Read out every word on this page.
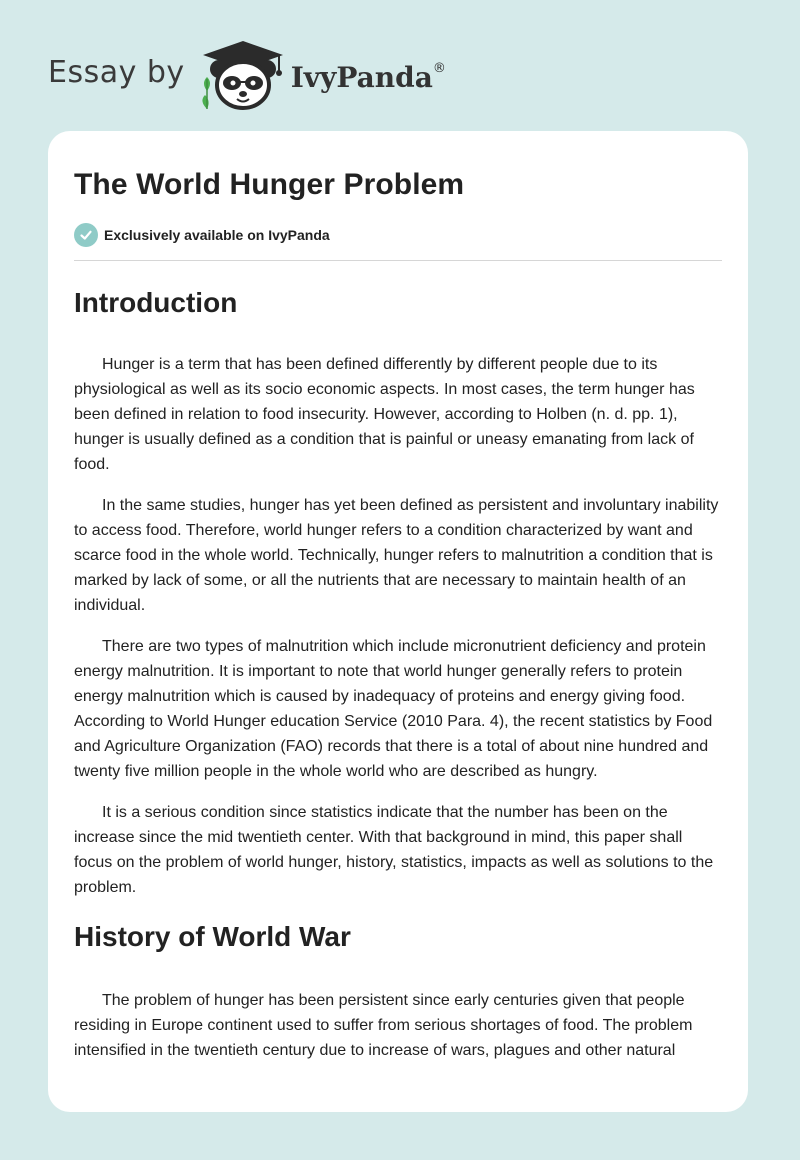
Essay by	IvyPanda®
The World Hunger Problem
Exclusively available on IvyPanda
Introduction

Hunger is a term that has been defined differently by different people due to its physiological as well as its socio economic aspects. In most cases, the term hunger has been defined in relation to food insecurity. However, according to Holben (n. d. pp. 1), hunger is usually defined as a condition that is painful or uneasy emanating from lack of food.

In the same studies, hunger has yet been defined as persistent and involuntary inability to access food. Therefore, world hunger refers to a condition characterized by want and scarce food in the whole world. Technically, hunger refers to malnutrition a condition that is marked by lack of some, or all the nutrients that are necessary to maintain health of an individual.

There are two types of malnutrition which include micronutrient deficiency and protein energy malnutrition. It is important to note that world hunger generally refers to protein energy malnutrition which is caused by inadequacy of proteins and energy giving food. According to World Hunger education Service (2010 Para. 4), the recent statistics by Food and Agriculture Organization (FAO) records that there is a total of about nine hundred and twenty five million people in the whole world who are described as hungry.

It is a serious condition since statistics indicate that the number has been on the increase since the mid twentieth center. With that background in mind, this paper shall focus on the problem of world hunger, history, statistics, impacts as well as solutions to the problem.

History of World War

The problem of hunger has been persistent since early centuries given that people residing in Europe continent used to suffer from serious shortages of food. The problem intensified in the twentieth century due to increase of wars, plagues and other natural
